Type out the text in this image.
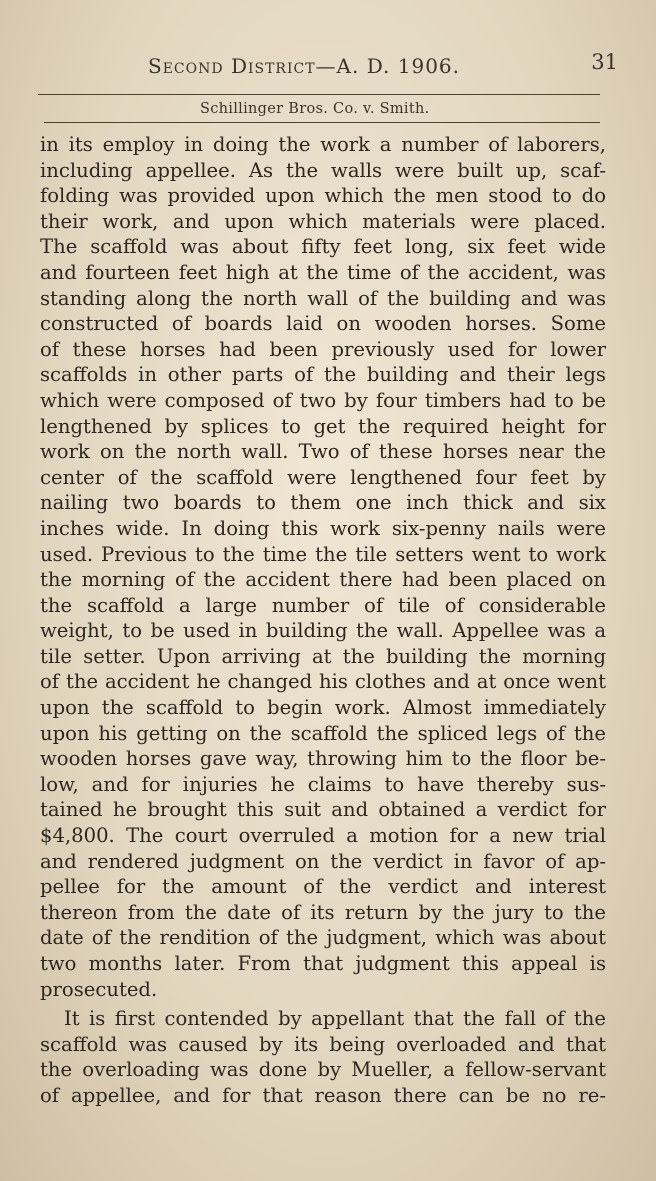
Second District—A. D. 1906.	31
Schillinger Bros. Co. v. Smith.
in its employ in doing the work a number of laborers,
including appellee. As the walls were built up, scaf-
folding was provided upon which the men stood to do
their work, and upon which materials were placed.
The scaffold was about fifty feet long, six feet wide
and fourteen feet high at the time of the accident, was
standing along the north wall of the building and was
constructed of boards laid on wooden horses. Some
of these horses had been previously used for lower
scaffolds in other parts of the building and their legs
which were composed of two by four timbers had to be
lengthened by splices to get the required height for
work on the north wall. Two of these horses near the
center of the scaffold were lengthened four feet by
nailing two boards to them one inch thick and six
inches wide. In doing this work six-penny nails were
used. Previous to the time the tile setters went to work
the morning of the accident there had been placed on
the scaffold a large number of tile of considerable
weight, to be used in building the wall. Appellee was a
tile setter. Upon arriving at the building the morning
of the accident he changed his clothes and at once went
upon the scaffold to begin work. Almost immediately
upon his getting on the scaffold the spliced legs of the
wooden horses gave way, throwing him to the floor be-
low, and for injuries he claims to have thereby sus-
tained he brought this suit and obtained a verdict for
$4,800. The court overruled a motion for a new trial
and rendered judgment on the verdict in favor of ap-
pellee for the amount of the verdict and interest
thereon from the date of its return by the jury to the
date of the rendition of the judgment, which was about
two months later. From that judgment this appeal is
prosecuted.
It is first contended by appellant that the fall of the
scaffold was caused by its being overloaded and that
the overloading was done by Mueller, a fellow-servant
of appellee, and for that reason there can be no re-
